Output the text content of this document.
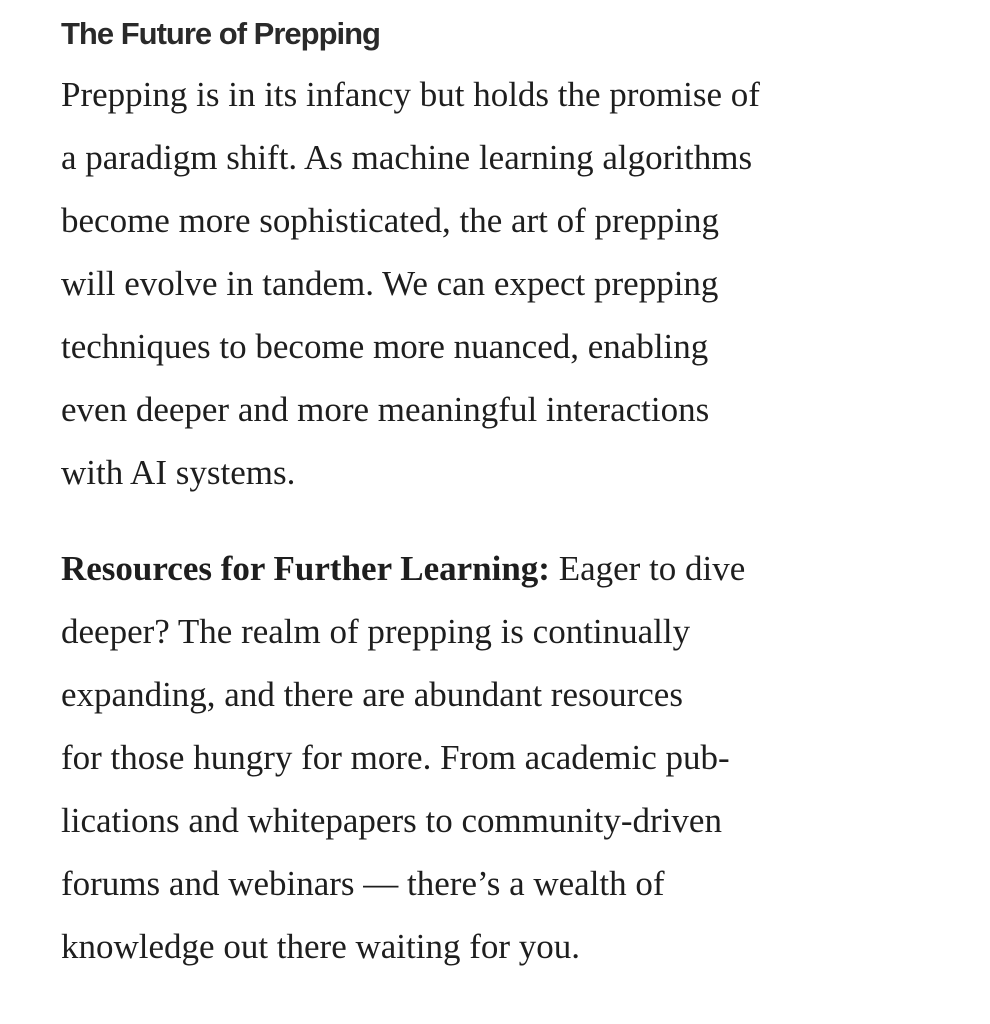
The Future of Prepping

Prepping is in its infancy but holds the promise of
a paradigm shift. As machine learning algorithms
become more sophisticated, the art of prepping
will evolve in tandem. We can expect prepping
techniques to become more nuanced, enabling
even deeper and more meaningful interactions
with AI systems.

Resources for Further Learning: Eager to dive
deeper? The realm of prepping is continually
expanding, and there are abundant resources
for those hungry for more. From academic pub-
lications and whitepapers to community-driven
forums and webinars — there’s a wealth of
knowledge out there waiting for you.
